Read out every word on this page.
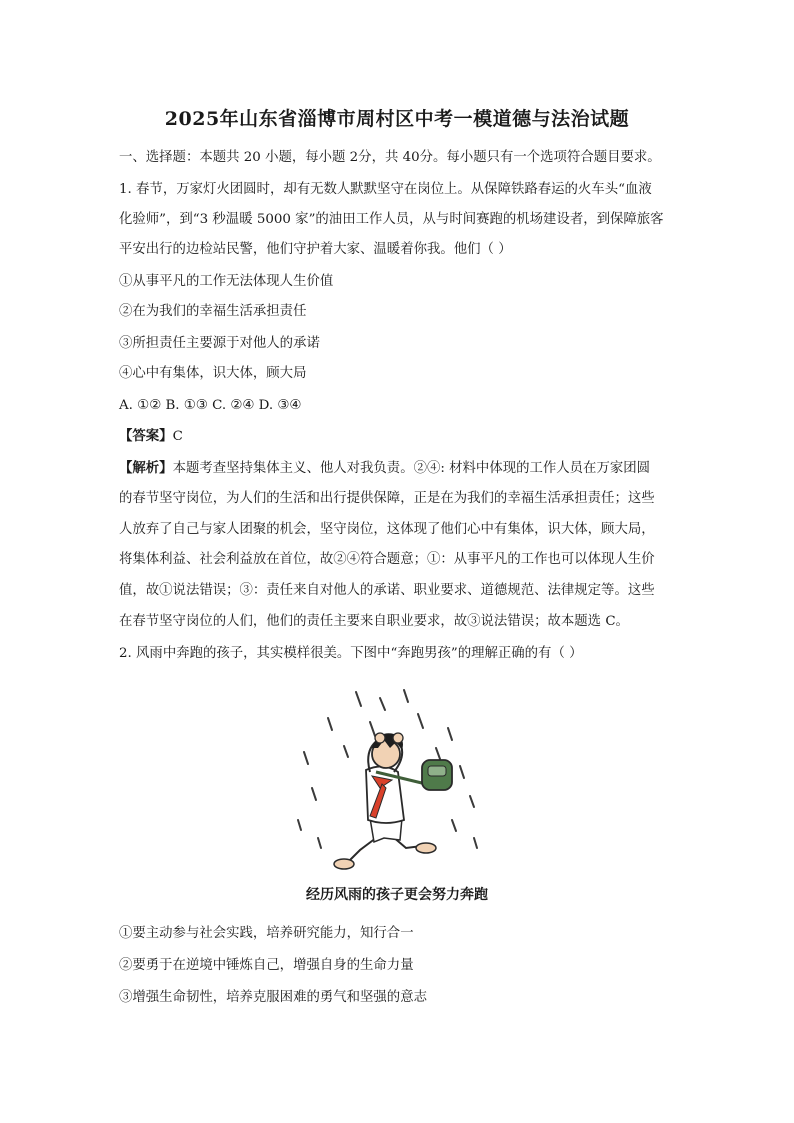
2025年山东省淄博市周村区中考一模道德与法治试题
一、选择题：本题共 20 小题，每小题 2分，共 40分。每小题只有一个选项符合题目要求。
1. 春节，万家灯火团圆时，却有无数人默默坚守在岗位上。从保障铁路春运的火车头“血液
化验师”，到“3 秒温暖 5000 家”的油田工作人员，从与时间赛跑的机场建设者，到保障旅客
平安出行的边检站民警，他们守护着大家、温暖着你我。他们（ ）
①从事平凡的工作无法体现人生价值
②在为我们的幸福生活承担责任
③所担责任主要源于对他人的承诺
④心中有集体，识大体，顾大局
A. ①② B. ①③ C. ②④ D. ③④
【答案】C
【解析】本题考查坚持集体主义、他人对我负责。②④: 材料中体现的工作人员在万家团圆
的春节坚守岗位，为人们的生活和出行提供保障，正是在为我们的幸福生活承担责任；这些
人放弃了自己与家人团聚的机会，坚守岗位，这体现了他们心中有集体，识大体，顾大局，
将集体利益、社会利益放在首位，故②④符合题意；①：从事平凡的工作也可以体现人生价
值，故①说法错误；③：责任来自对他人的承诺、职业要求、道德规范、法律规定等。这些
在春节坚守岗位的人们，他们的责任主要来自职业要求，故③说法错误；故本题选 C。
2. 风雨中奔跑的孩子，其实模样很美。下图中“奔跑男孩”的理解正确的有（ ）
经历风雨的孩子更会努力奔跑
①要主动参与社会实践，培养研究能力，知行合一
②要勇于在逆境中锤炼自己，增强自身的生命力量
③增强生命韧性，培养克服困难的勇气和坚强的意志
